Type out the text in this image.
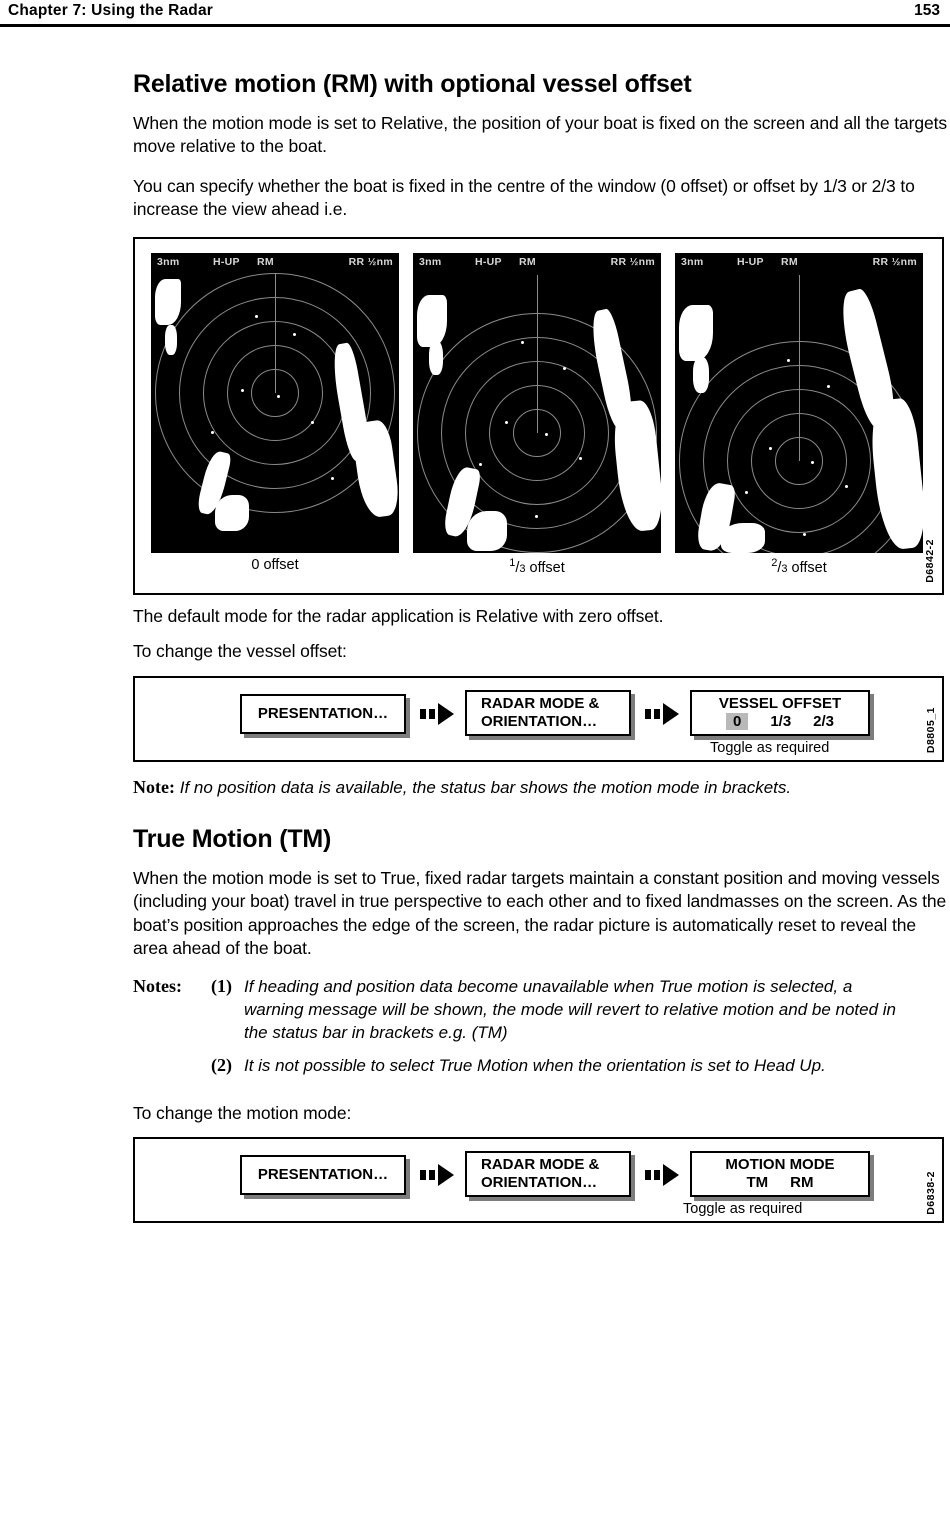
Chapter 7: Using the Radar	153
Relative motion (RM) with optional vessel offset

When the motion mode is set to Relative, the position of your boat is fixed on the screen and all the targets move relative to the boat.

You can specify whether the boat is fixed in the centre of the window (0 offset) or offset by 1/3 or 2/3 to increase the view ahead i.e.

3nm	H-UP RM	RR ½nm 3nm	H-UP RM	RR ½nm 3nm	H-UP RM	RR ½nm
0 offset	$^1$/3 offset	$^2$/3 offset	D6842-2

The default mode for the radar application is Relative with zero offset.

To change the vessel offset:

PRESENTATION…
RADAR MODE &
ORIENTATION…
VESSEL OFFSET
0	1/3 2/3
Toggle as required	D8805_1
Note: If no position data is available, the status bar shows the motion mode in brackets.
True Motion (TM)

When the motion mode is set to True, fixed radar targets maintain a constant position and moving vessels (including your boat) travel in true perspective to each other and to fixed landmasses on the screen. As the boat’s position approaches the edge of the screen, the radar picture is automatically reset to reveal the area ahead of the boat.

Notes:	(1)	If heading and position data become unavailable when True motion is selected, a warning message will be shown, the mode will revert to relative motion and be noted in the status bar in brackets e.g. (TM)
	(2)	It is not possible to select True Motion when the orientation is set to Head Up.

To change the motion mode:

PRESENTATION…
RADAR MODE &
ORIENTATION…
MOTION MODE
TM RM
Toggle as required	D6838-2
